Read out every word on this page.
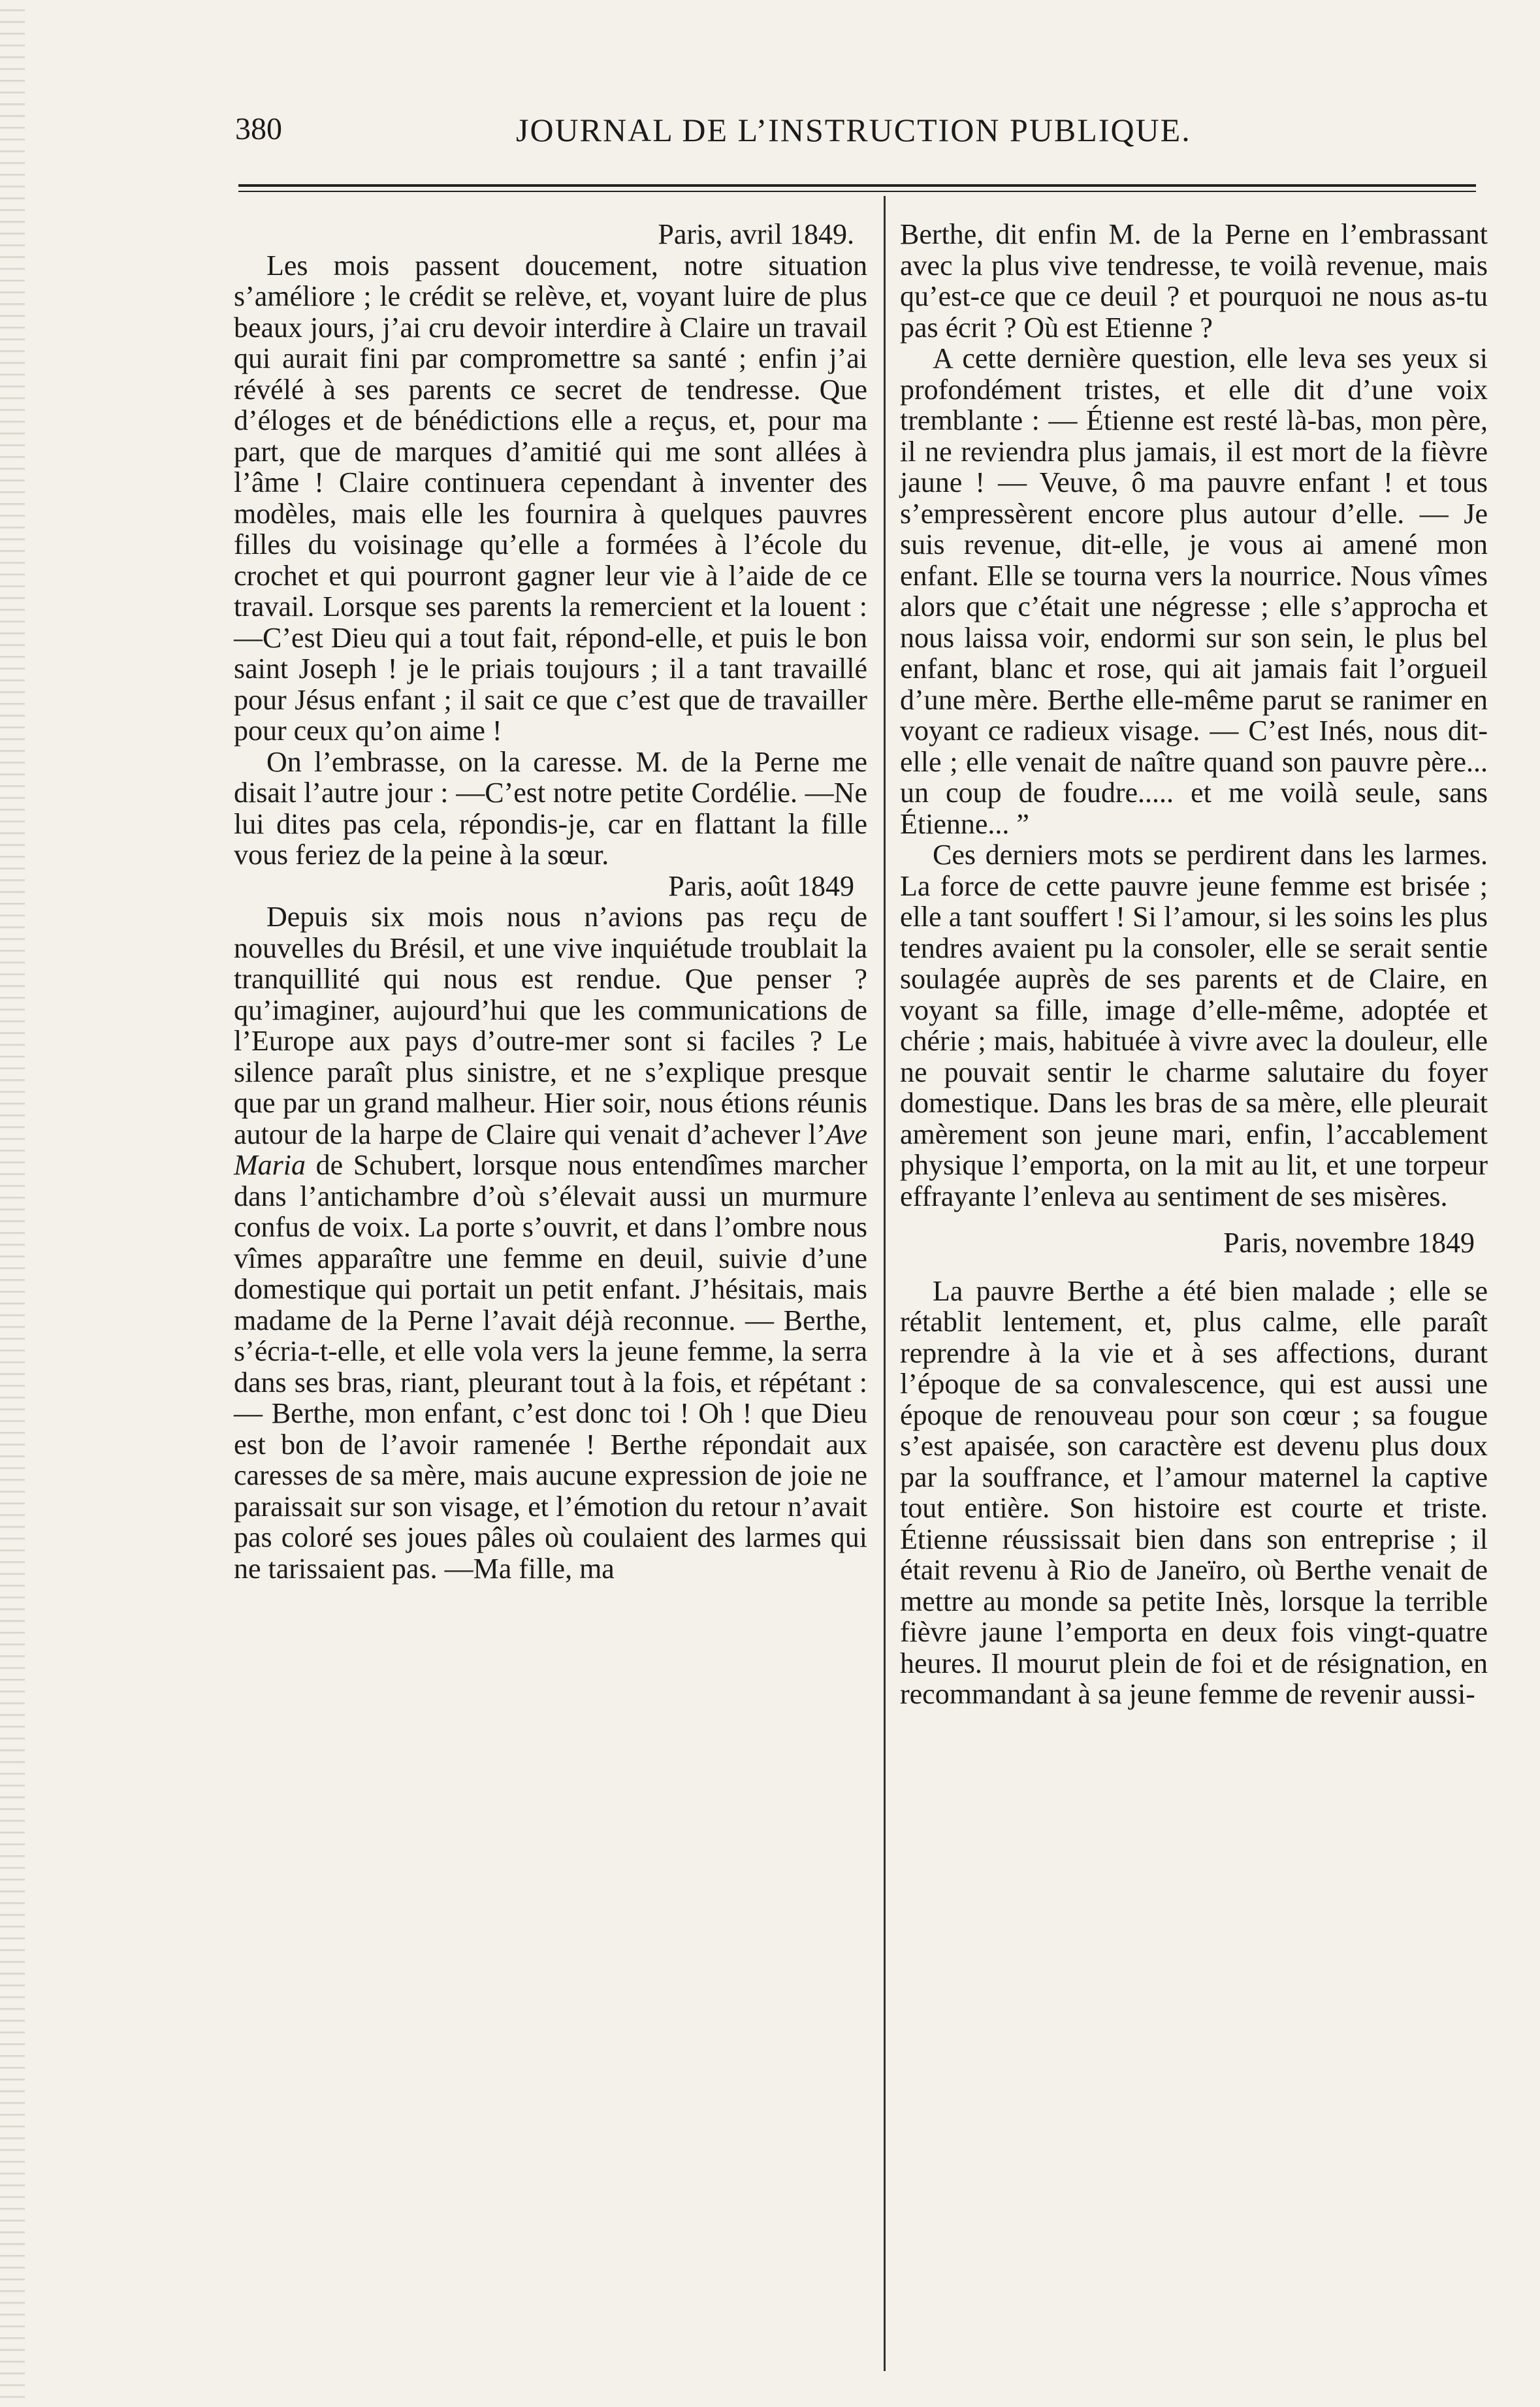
380	JOURNAL DE L’INSTRUCTION PUBLIQUE.
Paris, avril 1849.

Les mois passent doucement, notre situation s’améliore ; le crédit se relève, et, voyant luire de plus beaux jours, j’ai cru devoir interdire à Claire un travail qui aurait fini par compromettre sa santé ; enfin j’ai révélé à ses parents ce secret de tendresse. Que d’éloges et de bénédictions elle a reçus, et, pour ma part, que de marques d’amitié qui me sont allées à l’âme ! Claire continuera cependant à inventer des modèles, mais elle les fournira à quelques pauvres filles du voisinage qu’elle a formées à l’école du crochet et qui pourront gagner leur vie à l’aide de ce travail. Lorsque ses parents la remercient et la louent : —C’est Dieu qui a tout fait, répond-elle, et puis le bon saint Joseph ! je le priais toujours ; il a tant travaillé pour Jésus enfant ; il sait ce que c’est que de travailler pour ceux qu’on aime !

On l’embrasse, on la caresse. M. de la Perne me disait l’autre jour : —C’est notre petite Cordélie. —Ne lui dites pas cela, répondis-je, car en flattant la fille vous feriez de la peine à la sœur.

Paris, août 1849

Depuis six mois nous n’avions pas reçu de nouvelles du Brésil, et une vive inquiétude troublait la tranquillité qui nous est rendue. Que penser ? qu’imaginer, aujourd’hui que les communications de l’Europe aux pays d’outre-mer sont si faciles ? Le silence paraît plus sinistre, et ne s’explique presque que par un grand malheur. Hier soir, nous étions réunis autour de la harpe de Claire qui venait d’achever l’Ave Maria de Schubert, lorsque nous entendîmes marcher dans l’antichambre d’où s’élevait aussi un murmure confus de voix. La porte s’ouvrit, et dans l’ombre nous vîmes apparaître une femme en deuil, suivie d’une domestique qui portait un petit enfant. J’hésitais, mais madame de la Perne l’avait déjà reconnue. — Berthe, s’écria-t-elle, et elle vola vers la jeune femme, la serra dans ses bras, riant, pleurant tout à la fois, et répétant : — Berthe, mon enfant, c’est donc toi ! Oh ! que Dieu est bon de l’avoir ramenée ! Berthe répondait aux caresses de sa mère, mais aucune expression de joie ne paraissait sur son visage, et l’émotion du retour n’avait pas coloré ses joues pâles où coulaient des larmes qui ne tarissaient pas. —Ma fille, ma

Berthe, dit enfin M. de la Perne en l’embrassant avec la plus vive tendresse, te voilà revenue, mais qu’est-ce que ce deuil ? et pourquoi ne nous as-tu pas écrit ? Où est Etienne ?

A cette dernière question, elle leva ses yeux si profondément tristes, et elle dit d’une voix tremblante : — Étienne est resté là-bas, mon père, il ne reviendra plus jamais, il est mort de la fièvre jaune ! — Veuve, ô ma pauvre enfant ! et tous s’empressèrent encore plus autour d’elle. — Je suis revenue, dit-elle, je vous ai amené mon enfant. Elle se tourna vers la nourrice. Nous vîmes alors que c’était une négresse ; elle s’approcha et nous laissa voir, endormi sur son sein, le plus bel enfant, blanc et rose, qui ait jamais fait l’orgueil d’une mère. Berthe elle-même parut se ranimer en voyant ce radieux visage. — C’est Inés, nous dit-elle ; elle venait de naître quand son pauvre père... un coup de foudre..... et me voilà seule, sans Étienne... ”

Ces derniers mots se perdirent dans les larmes. La force de cette pauvre jeune femme est brisée ; elle a tant souffert ! Si l’amour, si les soins les plus tendres avaient pu la consoler, elle se serait sentie soulagée auprès de ses parents et de Claire, en voyant sa fille, image d’elle-même, adoptée et chérie ; mais, habituée à vivre avec la douleur, elle ne pouvait sentir le charme salutaire du foyer domestique. Dans les bras de sa mère, elle pleurait amèrement son jeune mari, enfin, l’accablement physique l’emporta, on la mit au lit, et une torpeur effrayante l’enleva au sentiment de ses misères.

Paris, novembre 1849

La pauvre Berthe a été bien malade ; elle se rétablit lentement, et, plus calme, elle paraît reprendre à la vie et à ses affections, durant l’époque de sa convalescence, qui est aussi une époque de renouveau pour son cœur ; sa fougue s’est apaisée, son caractère est devenu plus doux par la souffrance, et l’amour maternel la captive tout entière. Son histoire est courte et triste. Étienne réussissait bien dans son entreprise ; il était revenu à Rio de Janeïro, où Berthe venait de mettre au monde sa petite Inès, lorsque la terrible fièvre jaune l’emporta en deux fois vingt-quatre heures. Il mourut plein de foi et de résignation, en recommandant à sa jeune femme de revenir aussi-
